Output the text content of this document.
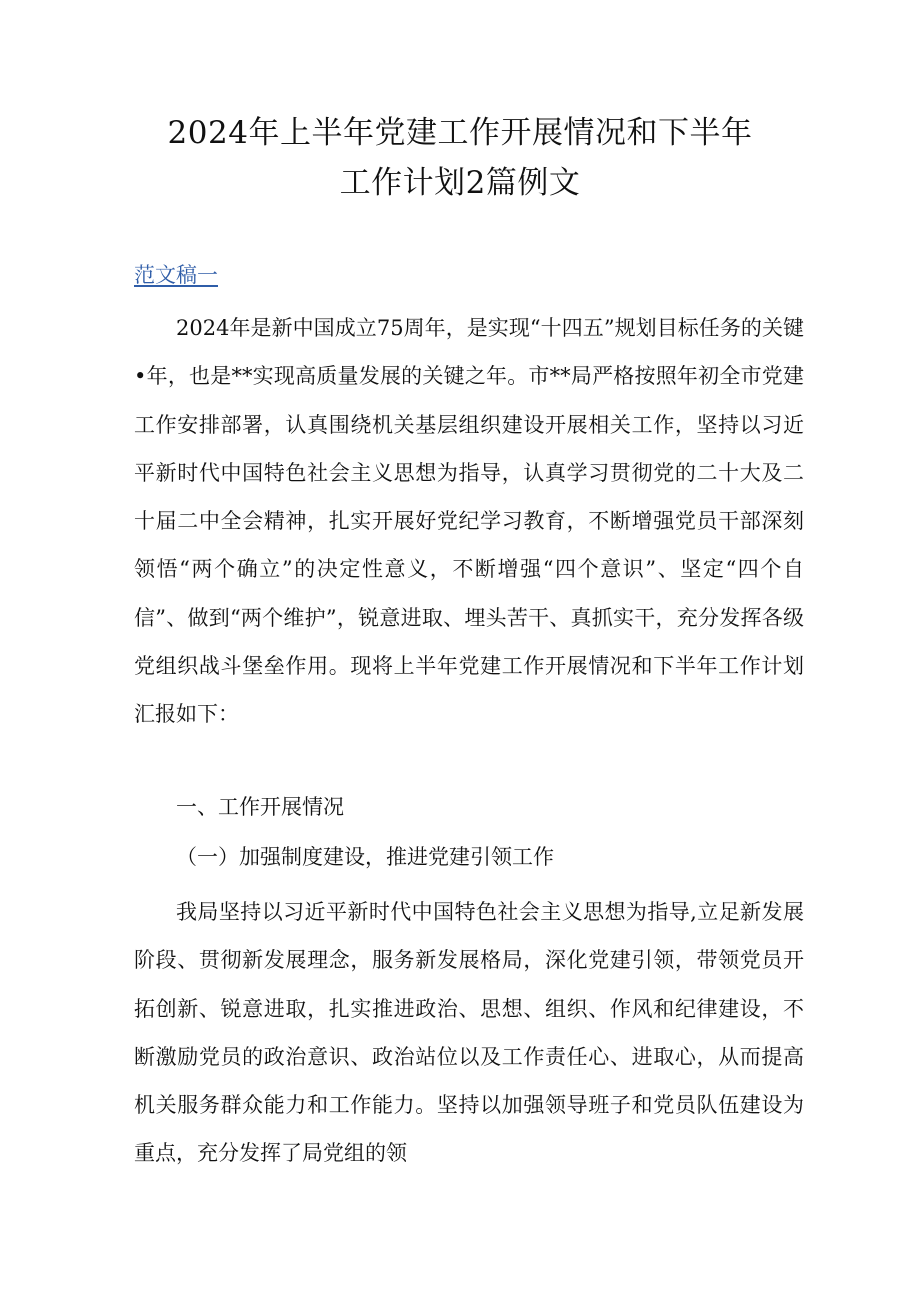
2024年上半年党建工作开展情况和下半年
工作计划2篇例文
范文稿一

2024年是新中国成立75周年，是实现“十四五”规划目标任务的关键•年，也是**实现高质量发展的关键之年。市**局严格按照年初全市党建工作安排部署，认真围绕机关基层组织建设开展相关工作，坚持以习近平新时代中国特色社会主义思想为指导，认真学习贯彻党的二十大及二十届二中全会精神，扎实开展好党纪学习教育，不断增强党员干部深刻领悟“两个确立”的决定性意义，不断增强“四个意识”、坚定“四个自信”、做到“两个维护”，锐意进取、埋头苦干、真抓实干，充分发挥各级党组织战斗堡垒作用。现将上半年党建工作开展情况和下半年工作计划汇报如下：

一、工作开展情况
（一）加强制度建设，推进党建引领工作

我局坚持以习近平新时代中国特色社会主义思想为指导,立足新发展阶段、贯彻新发展理念，服务新发展格局，深化党建引领，带领党员开拓创新、锐意进取，扎实推进政治、思想、组织、作风和纪律建设，不断激励党员的政治意识、政治站位以及工作责任心、进取心，从而提高机关服务群众能力和工作能力。坚持以加强领导班子和党员队伍建设为重点，充分发挥了局党组的领
